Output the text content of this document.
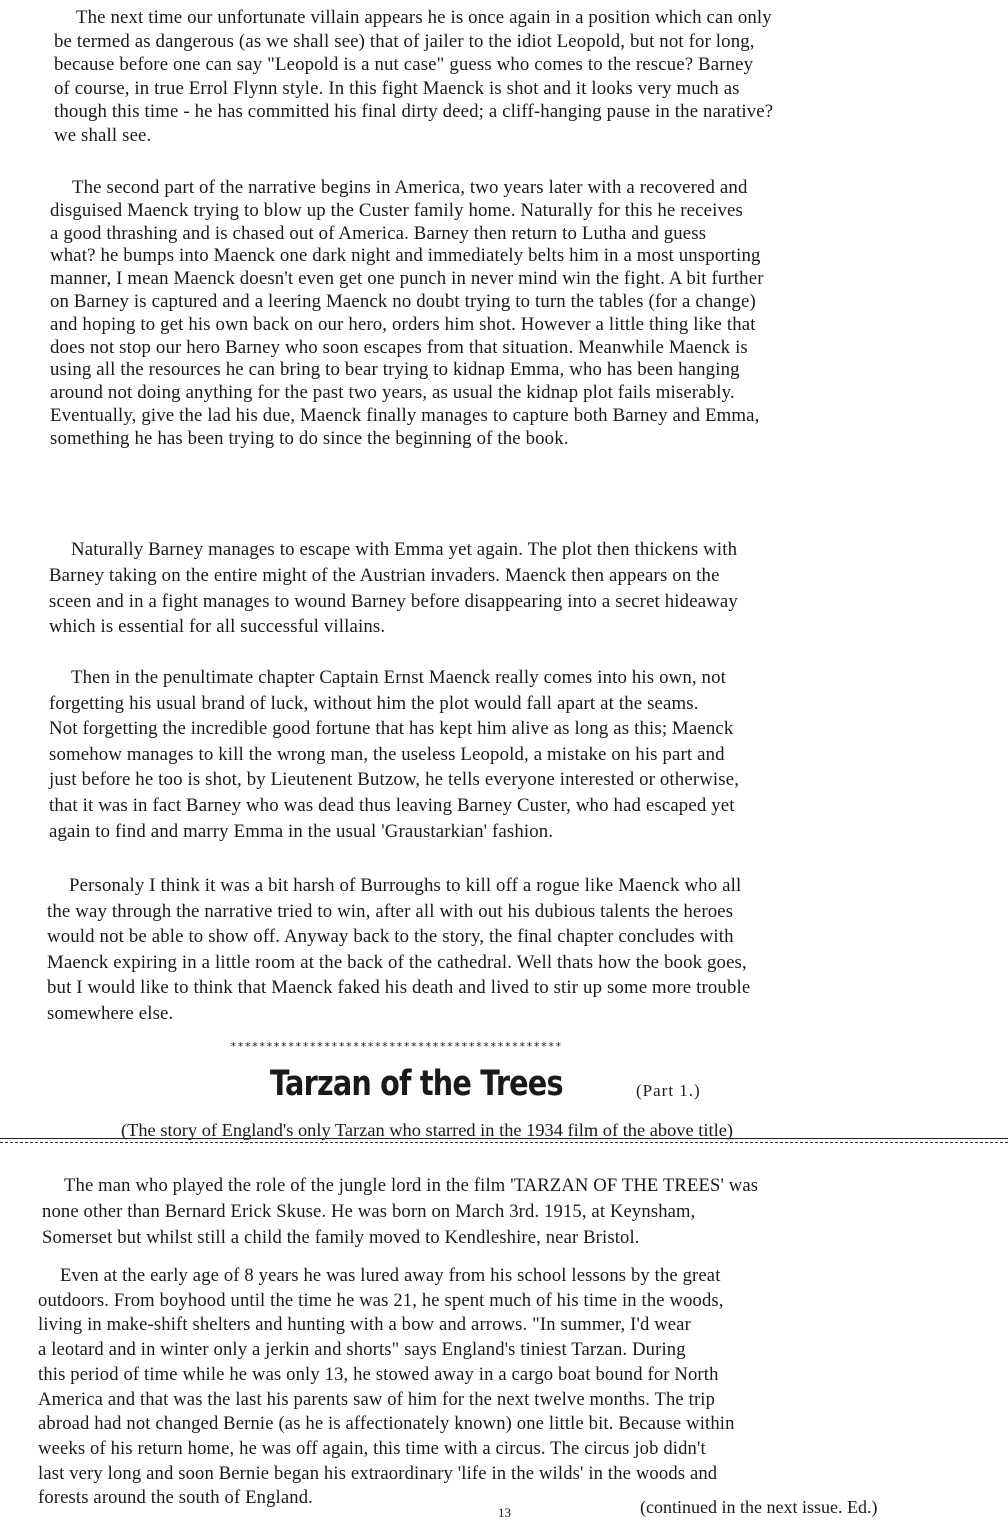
The next time our unfortunate villain appears he is once again in a position which can only
be termed as dangerous (as we shall see) that of jailer to the idiot Leopold, but not for long,
because before one can say "Leopold is a nut case" guess who comes to the rescue? Barney
of course, in true Errol Flynn style. In this fight Maenck is shot and it looks very much as
though this time - he has committed his final dirty deed; a cliff-hanging pause in the narative?
we shall see.
The second part of the narrative begins in America, two years later with a recovered and
disguised Maenck trying to blow up the Custer family home. Naturally for this he receives
a good thrashing and is chased out of America. Barney then return to Lutha and guess
what? he bumps into Maenck one dark night and immediately belts him in a most unsporting
manner, I mean Maenck doesn't even get one punch in never mind win the fight. A bit further
on Barney is captured and a leering Maenck no doubt trying to turn the tables (for a change)
and hoping to get his own back on our hero, orders him shot. However a little thing like that
does not stop our hero Barney who soon escapes from that situation. Meanwhile Maenck is
using all the resources he can bring to bear trying to kidnap Emma, who has been hanging
around not doing anything for the past two years, as usual the kidnap plot fails miserably.
Eventually, give the lad his due, Maenck finally manages to capture both Barney and Emma,
something he has been trying to do since the beginning of the book.
Naturally Barney manages to escape with Emma yet again. The plot then thickens with
Barney taking on the entire might of the Austrian invaders. Maenck then appears on the
sceen and in a fight manages to wound Barney before disappearing into a secret hideaway
which is essential for all successful villains.
Then in the penultimate chapter Captain Ernst Maenck really comes into his own, not
forgetting his usual brand of luck, without him the plot would fall apart at the seams.
Not forgetting the incredible good fortune that has kept him alive as long as this; Maenck
somehow manages to kill the wrong man, the useless Leopold, a mistake on his part and
just before he too is shot, by Lieutenent Butzow, he tells everyone interested or otherwise,
that it was in fact Barney who was dead thus leaving Barney Custer, who had escaped yet
again to find and marry Emma in the usual 'Graustarkian' fashion.
Personaly I think it was a bit harsh of Burroughs to kill off a rogue like Maenck who all
the way through the narrative tried to win, after all with out his dubious talents the heroes
would not be able to show off. Anyway back to the story, the final chapter concludes with
Maenck expiring in a little room at the back of the cathedral. Well thats how the book goes,
but I would like to think that Maenck faked his death and lived to stir up some more trouble
somewhere else.
**********************************************
Tarzan of the Trees	(Part 1.)
(The story of England's only Tarzan who starred in the 1934 film of the above title)
The man who played the role of the jungle lord in the film 'TARZAN OF THE TREES' was
none other than Bernard Erick Skuse. He was born on March 3rd. 1915, at Keynsham,
Somerset but whilst still a child the family moved to Kendleshire, near Bristol.
Even at the early age of 8 years he was lured away from his school lessons by the great
outdoors. From boyhood until the time he was 21, he spent much of his time in the woods,
living in make-shift shelters and hunting with a bow and arrows. "In summer, I'd wear
a leotard and in winter only a jerkin and shorts" says England's tiniest Tarzan. During
this period of time while he was only 13, he stowed away in a cargo boat bound for North
America and that was the last his parents saw of him for the next twelve months. The trip
abroad had not changed Bernie (as he is affectionately known) one little bit. Because within
weeks of his return home, he was off again, this time with a circus. The circus job didn't
last very long and soon Bernie began his extraordinary 'life in the wilds' in the woods and
forests around the south of England.	(continued in the next issue. Ed.)
13
